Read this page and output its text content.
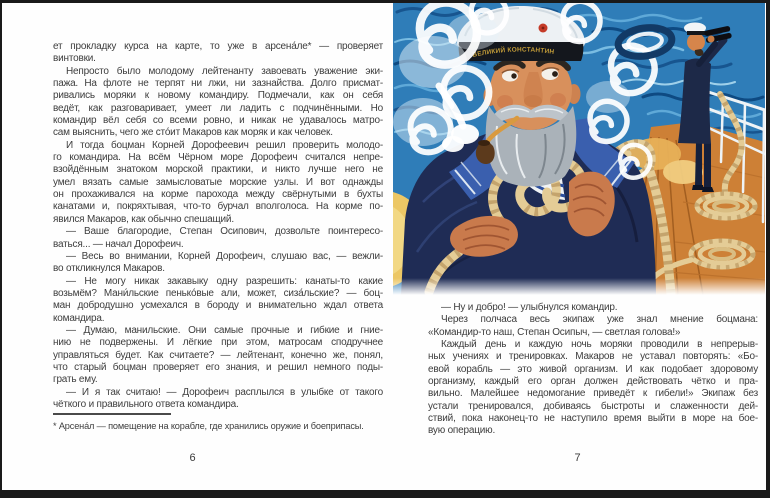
ет прокладку курса на карте, то уже в арсена́ле* — проверяет
винтовки.

Непросто было молодому лейтенанту завоевать уважение эки-
пажа. На флоте не терпят ни лжи, ни зазнайства. Долго присмат-
ривались моряки к новому командиру. Подмечали, как он себя
ведёт, как разговаривает, умеет ли ладить с подчинёнными. Но
командир вёл себя со всеми ровно, и никак не удавалось матро-
сам выяснить, чего же сто́ит Макаров как моряк и как человек.

И тогда боцман Корней Дорофеевич решил проверить молодо-
го командира. На всём Чёрном море Дорофеич считался непре-
взойдённым знатоком морской практики, и никто лучше него не
умел вязать самые замысловатые морские узлы. И вот однажды
он прохаживался на корме парохода между свёрнутыми в бухты
канатами и, покряхтывая, что-то бурчал вполголоса. На корме по-
явился Макаров, как обычно спешащий.

— Ваше благородие, Степан Осипович, дозвольте поинтересо-
ваться... — начал Дорофеич.

— Весь во внимании, Корней Дорофеич, слушаю вас, — вежли-
во откликнулся Макаров.

— Не могу никак закавыку одну разрешить: канаты-то какие
возьмём? Мани́льские пенько́вые али, может, сиза́льские? — боц-
ман добродушно усмехался в бороду и внимательно ждал ответа
командира.

— Думаю, манильские. Они самые прочные и гибкие и гние-
нию не подвержены. И лёгкие при этом, матросам сподручнее
управляться будет. Как считаете? — лейтенант, конечно же, понял,
что старый боцман проверяет его знания, и решил немного поды-
грать ему.

— И я так считаю! — Дорофеич расплылся в улыбке от такого
чёткого и правильного ответа командира.

* Арсена́л — помещение на корабле, где хранились оружие и боеприпасы.
6
ВЕЛИКИЙ КОНСТАНТИН

— Ну и добро! — улыбнулся командир.

Через полчаса весь экипаж уже знал мнение боцмана:
«Командир-то наш, Степан Осипыч, — светлая голова!»

Каждый день и каждую ночь моряки проводили в непрерыв-
ных учениях и тренировках. Макаров не уставал повторять: «Бо-
евой корабль — это живой организм. И как подобает здоровому
организму, каждый его орган должен действовать чётко и пра-
вильно. Малейшее недомогание приведёт к гибели!» Экипаж без
устали тренировался, добиваясь быстроты и слаженности дей-
ствий, пока наконец-то не наступило время выйти в море на бое-
вую операцию.

7
